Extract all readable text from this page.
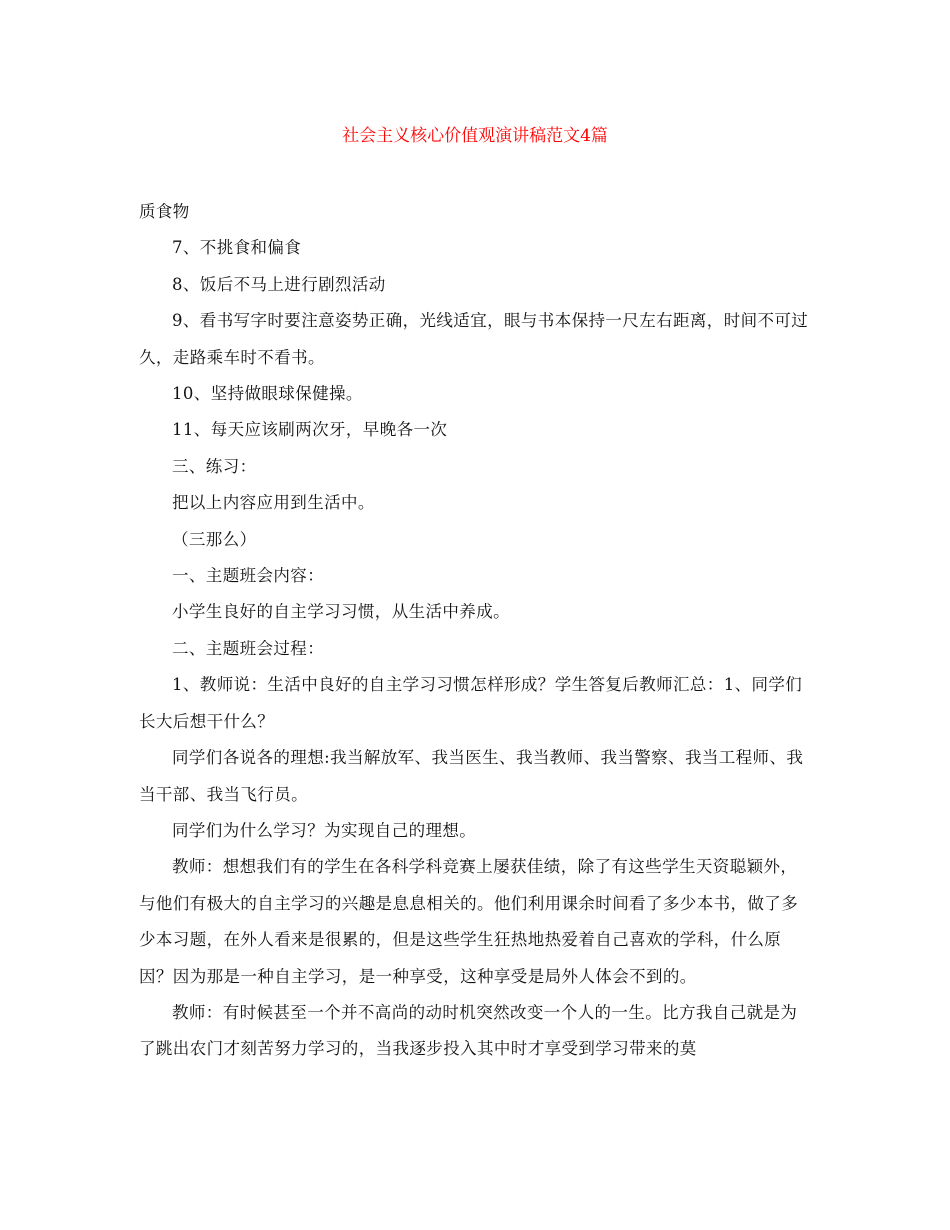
社会主义核心价值观演讲稿范文4篇

质食物

7、不挑食和偏食

8、饭后不马上进行剧烈活动

9、看书写字时要注意姿势正确，光线适宜，眼与书本保持一尺左右距离，时间不可过久，走路乘车时不看书。

10、坚持做眼球保健操。

11、每天应该刷两次牙，早晚各一次

三、练习：

把以上内容应用到生活中。

（三那么）

一、主题班会内容：

小学生良好的自主学习习惯，从生活中养成。

二、主题班会过程：

1、教师说：生活中良好的自主学习习惯怎样形成？学生答复后教师汇总：1、同学们长大后想干什么？

同学们各说各的理想:我当解放军、我当医生、我当教师、我当警察、我当工程师、我当干部、我当飞行员。

同学们为什么学习？为实现自己的理想。

教师：想想我们有的学生在各科学科竞赛上屡获佳绩，除了有这些学生天资聪颖外，与他们有极大的自主学习的兴趣是息息相关的。他们利用课余时间看了多少本书，做了多少本习题，在外人看来是很累的，但是这些学生狂热地热爱着自己喜欢的学科，什么原因？因为那是一种自主学习，是一种享受，这种享受是局外人体会不到的。

教师：有时候甚至一个并不高尚的动时机突然改变一个人的一生。比方我自己就是为了跳出农门才刻苦努力学习的，当我逐步投入其中时才享受到学习带来的莫
